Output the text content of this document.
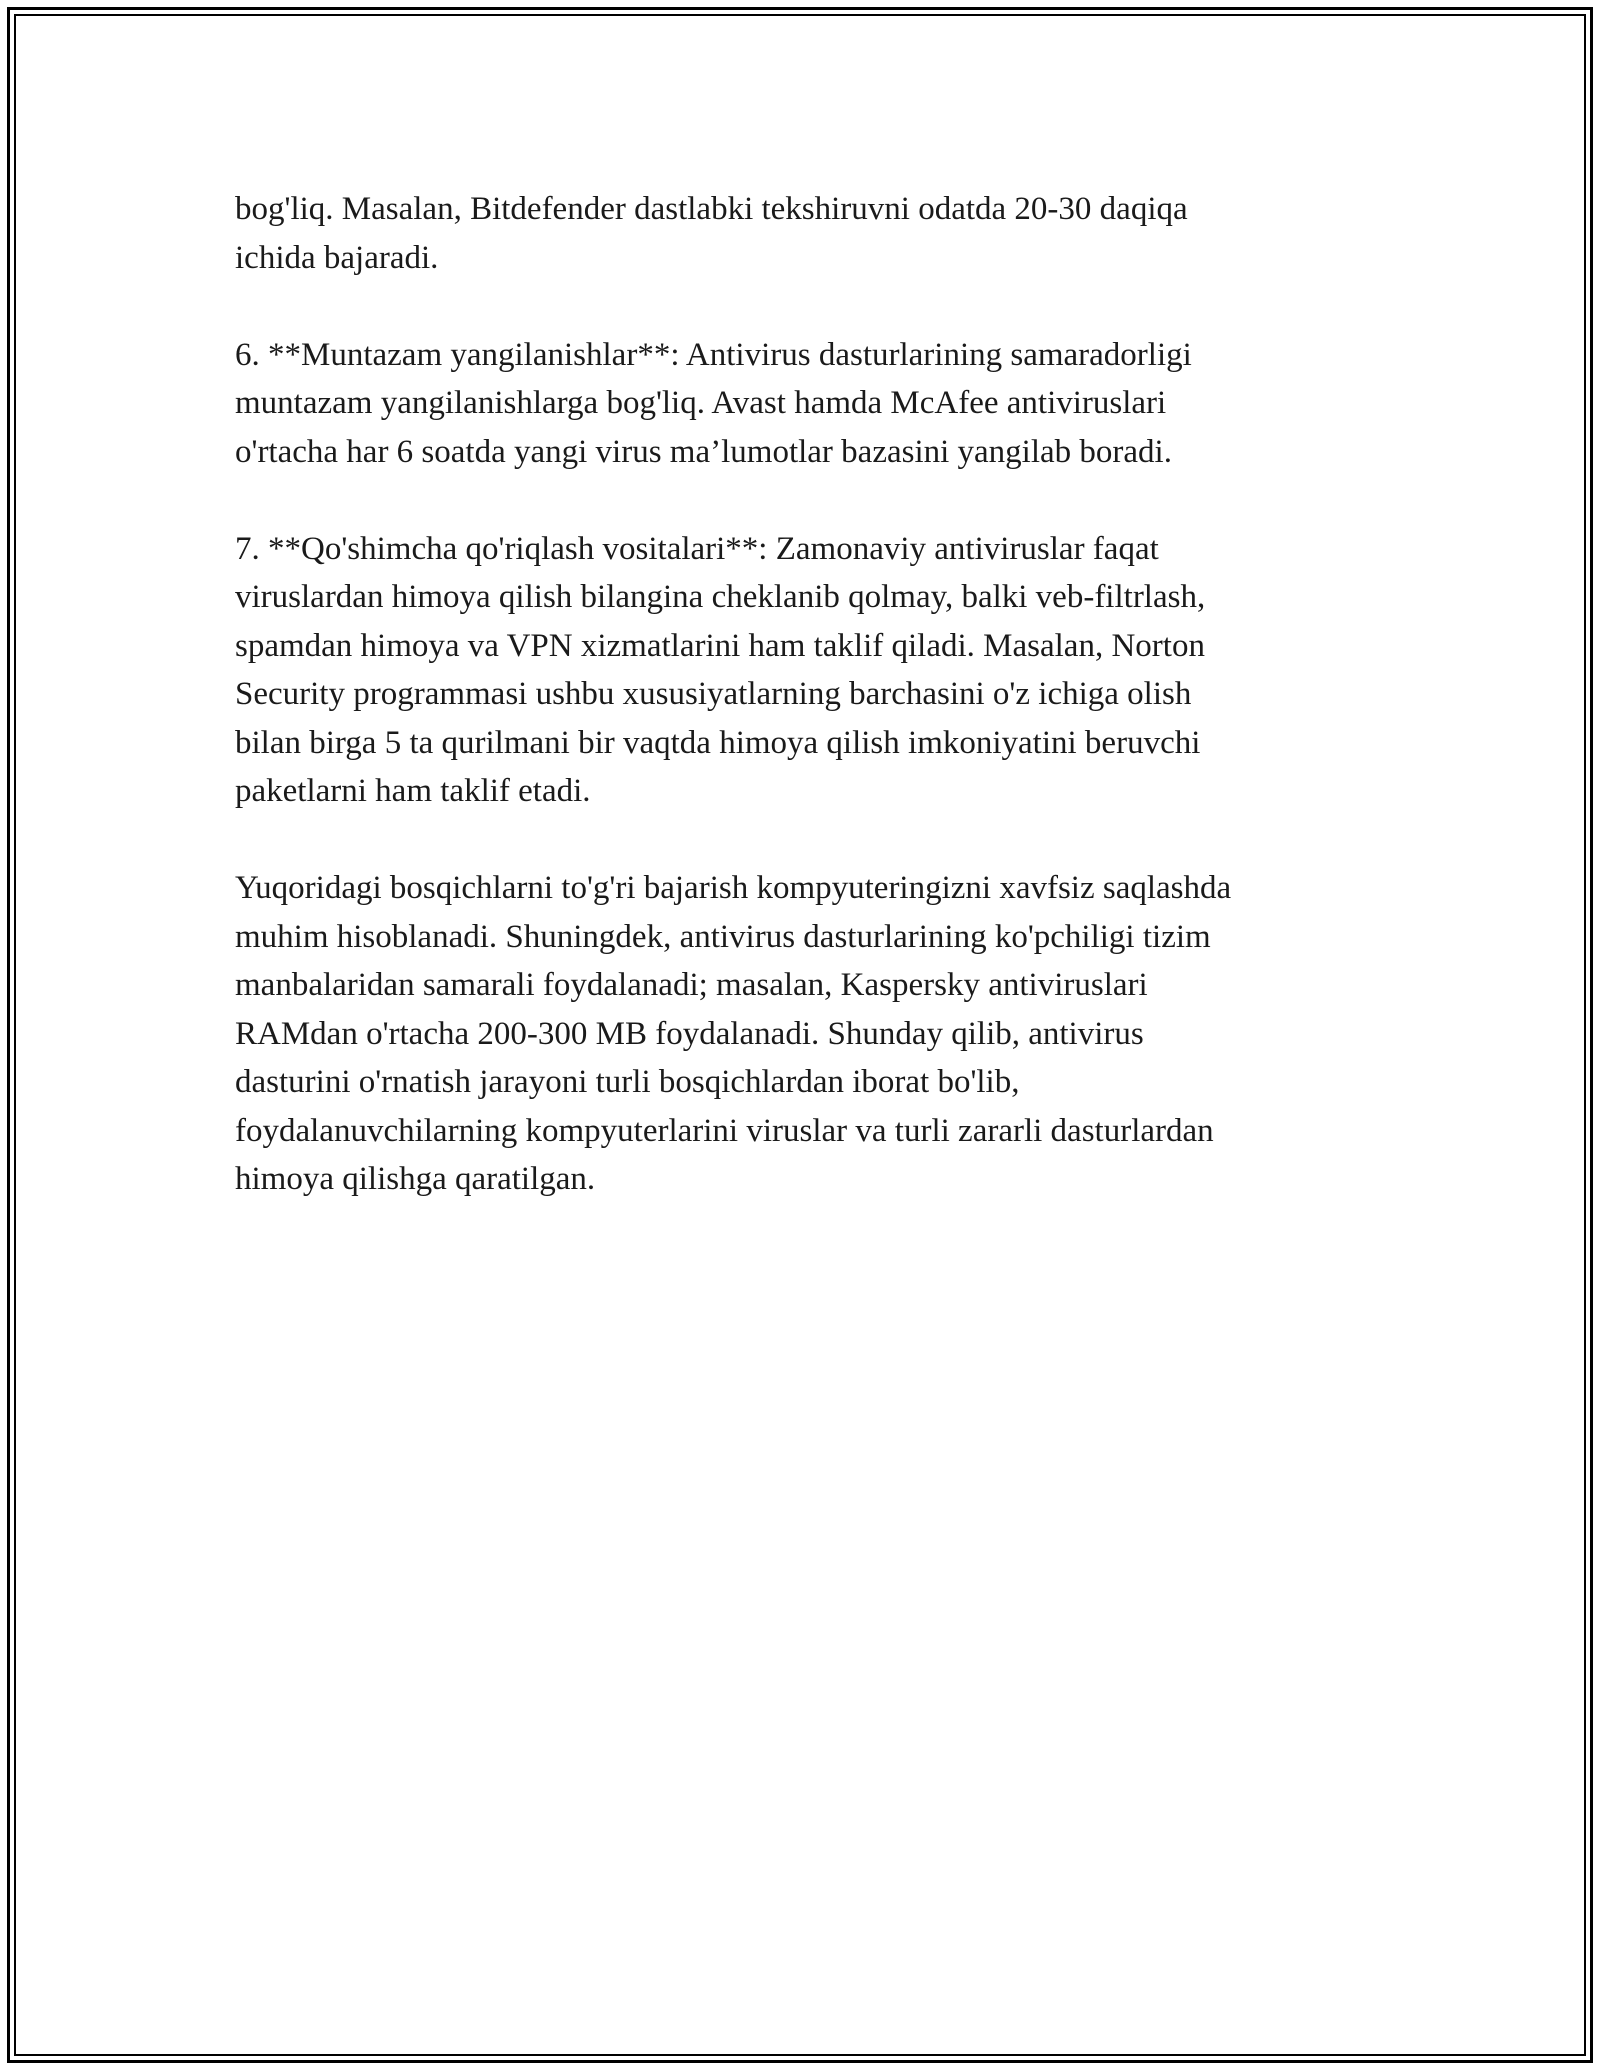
bog'liq. Masalan, Bitdefender dastlabki tekshiruvni odatda 20-30 daqiqa
ichida bajaradi.

6. **Muntazam yangilanishlar**: Antivirus dasturlarining samaradorligi
muntazam yangilanishlarga bog'liq. Avast hamda McAfee antiviruslari
o'rtacha har 6 soatda yangi virus ma’lumotlar bazasini yangilab boradi.

7. **Qo'shimcha qo'riqlash vositalari**: Zamonaviy antiviruslar faqat
viruslardan himoya qilish bilangina cheklanib qolmay, balki veb-filtrlash,
spamdan himoya va VPN xizmatlarini ham taklif qiladi. Masalan, Norton
Security programmasi ushbu xususiyatlarning barchasini o'z ichiga olish
bilan birga 5 ta qurilmani bir vaqtda himoya qilish imkoniyatini beruvchi
paketlarni ham taklif etadi.

Yuqoridagi bosqichlarni to'g'ri bajarish kompyuteringizni xavfsiz saqlashda
muhim hisoblanadi. Shuningdek, antivirus dasturlarining ko'pchiligi tizim
manbalaridan samarali foydalanadi; masalan, Kaspersky antiviruslari
RAMdan o'rtacha 200-300 MB foydalanadi. Shunday qilib, antivirus
dasturini o'rnatish jarayoni turli bosqichlardan iborat bo'lib,
foydalanuvchilarning kompyuterlarini viruslar va turli zararli dasturlardan
himoya qilishga qaratilgan.
